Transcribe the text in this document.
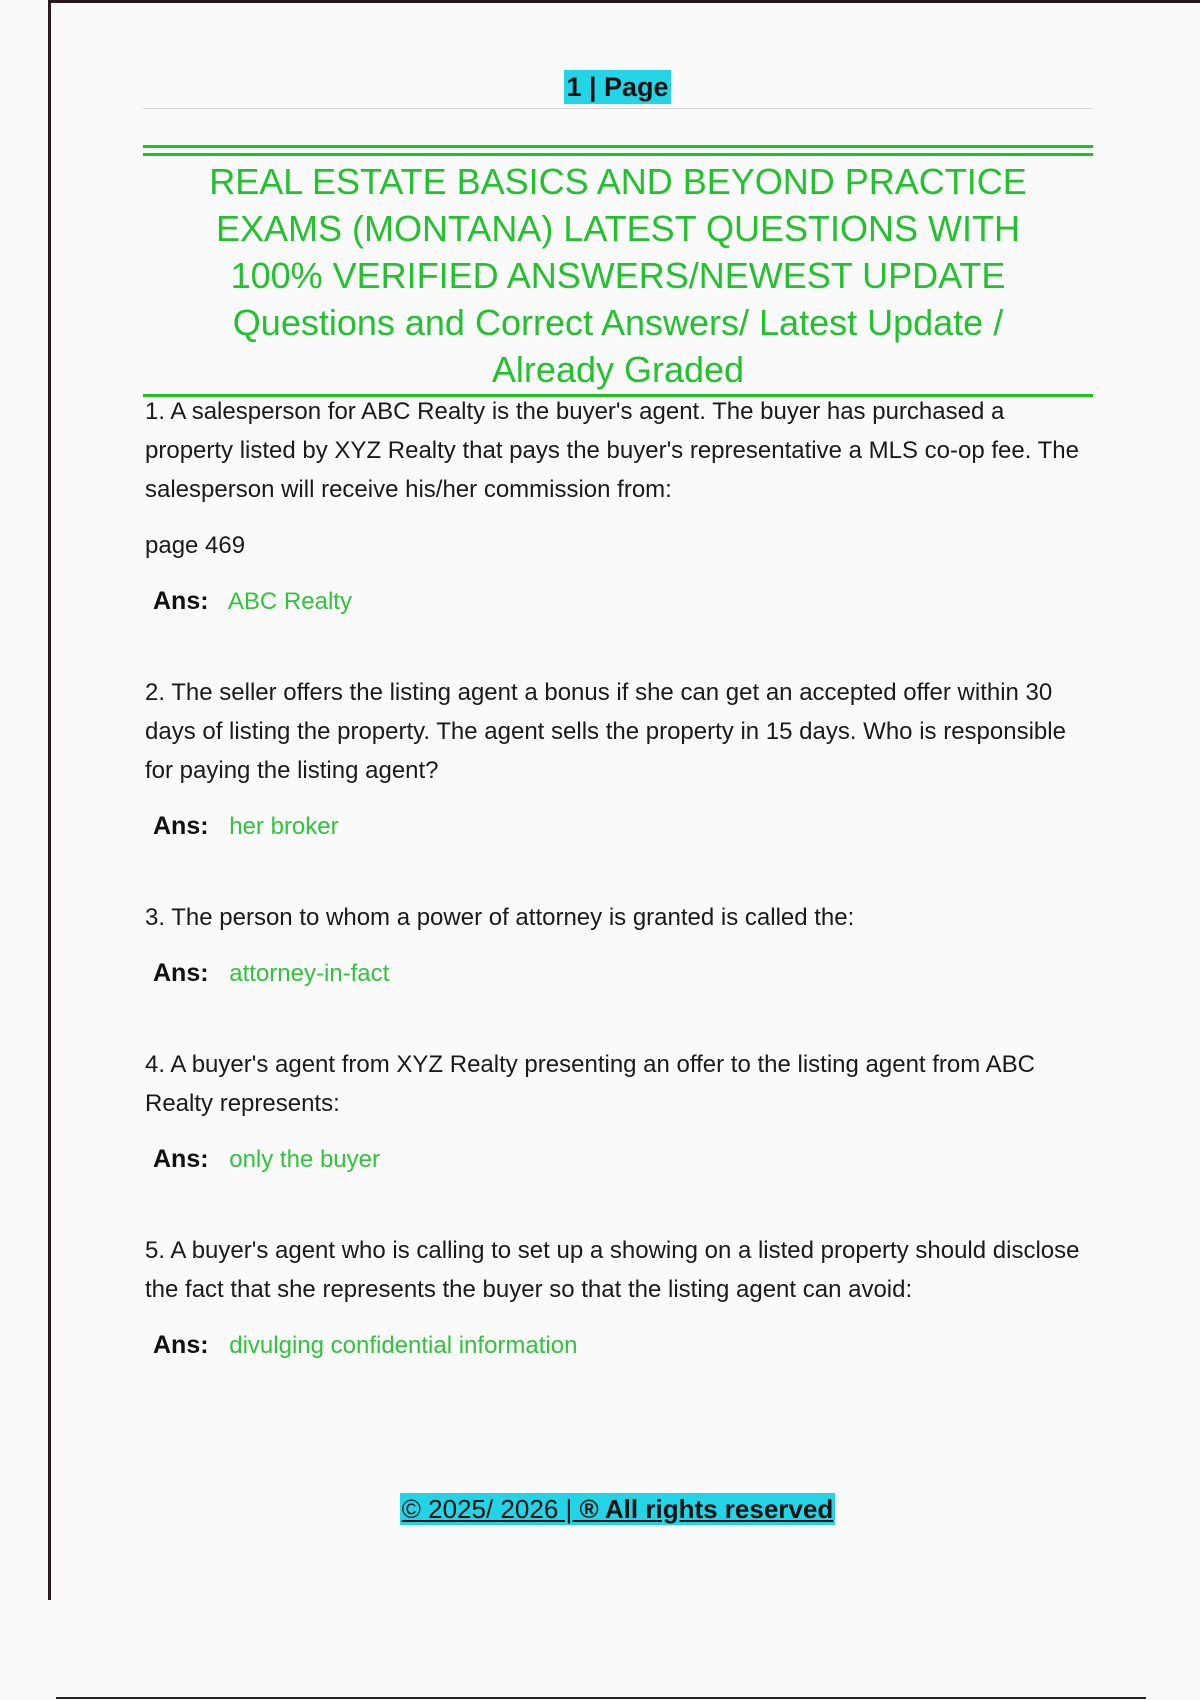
1 | Page
REAL ESTATE BASICS AND BEYOND PRACTICE
EXAMS (MONTANA) LATEST QUESTIONS WITH
100% VERIFIED ANSWERS/NEWEST UPDATE
Questions and Correct Answers/ Latest Update /
Already Graded

1. A salesperson for ABC Realty is the buyer's agent. The buyer has purchased a property listed by XYZ Realty that pays the buyer's representative a MLS co-op fee. The salesperson will receive his/her commission from:

page 469

Ans: ABC Realty

2. The seller offers the listing agent a bonus if she can get an accepted offer within 30 days of listing the property. The agent sells the property in 15 days. Who is responsible for paying the listing agent?

Ans: her broker

3. The person to whom a power of attorney is granted is called the:

Ans: attorney-in-fact

4. A buyer's agent from XYZ Realty presenting an offer to the listing agent from ABC Realty represents:

Ans: only the buyer

5. A buyer's agent who is calling to set up a showing on a listed property should disclose the fact that she represents the buyer so that the listing agent can avoid:

Ans: divulging confidential information
© 2025/ 2026 | ® All rights reserved
